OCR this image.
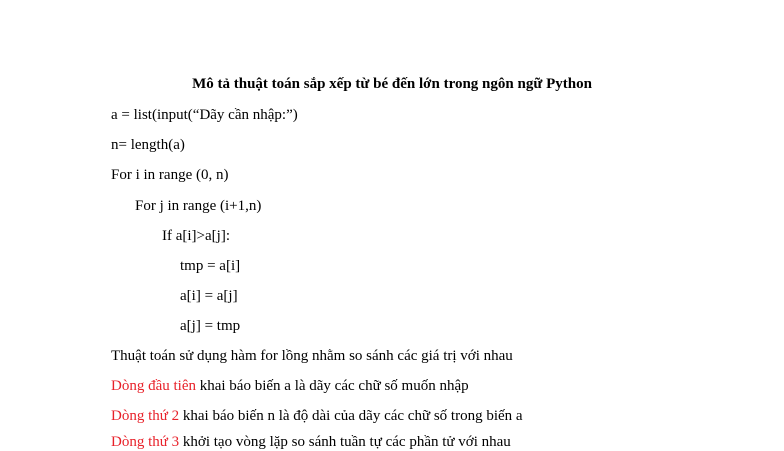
Mô tả thuật toán sắp xếp từ bé đến lớn trong ngôn ngữ Python
a = list(input(“Dãy cần nhập:”)
n= length(a)
For i in range (0, n)
For j in range (i+1,n)
If a[i]>a[j]:
tmp = a[i]
a[i] = a[j]
a[j] = tmp
Thuật toán sử dụng hàm for lồng nhằm so sánh các giá trị với nhau
Dòng đầu tiên khai báo biến a là dãy các chữ số muốn nhập
Dòng thứ 2 khai báo biến n là độ dài của dãy các chữ số trong biến a
Dòng thứ 3 khởi tạo vòng lặp so sánh tuần tự các phần tử với nhau
